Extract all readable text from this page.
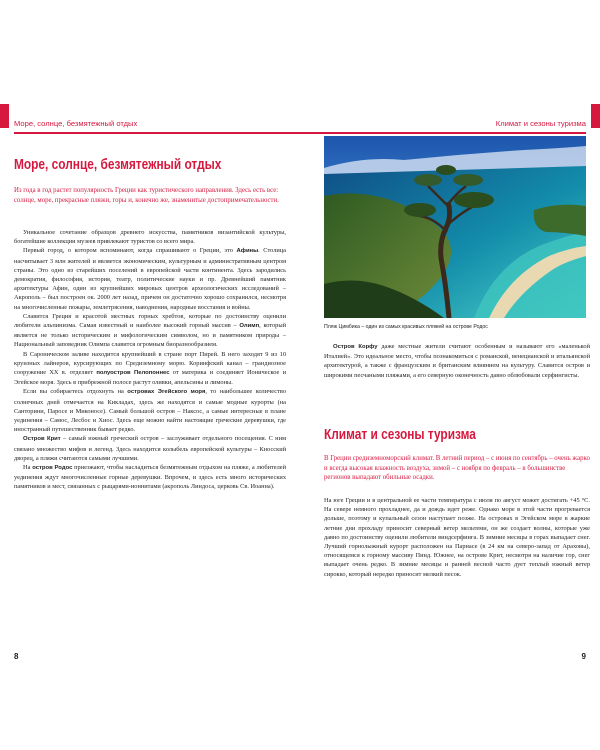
Море, солнце, безмятежный отдых
Море, солнце, безмятежный отдых

Из года в год растет популярность Греции как туристического направления. Здесь есть все: солнце, море, прекрасные пляжи, горы и, конечно же, знаменитые достопримечательности.

Уникальное сочетание образцов древнего искусства, памятников византийской культуры, богатейшие коллекции музеев привлекают туристов со всего мира.

Первый город, о котором вспоминают, когда спрашивают о Греции, это Афины. Столица насчитывает 3 млн жителей и является экономическим, культурным и административным центром страны. Это одно из старейших поселений в европейской части континента. Здесь зародились демократия, философия, история, театр, политические науки и пр. Древнейший памятник архитектуры Афин, один из крупнейших мировых центров археологических исследований – Акрополь – был построен ок. 2000 лет назад, причем он достаточно хорошо сохранился, несмотря на многочисленные пожары, землетрясения, наводнения, народные восстания и войны.

Славится Греция и красотой местных горных хребтов, которые по достоинству оценили любители альпинизма. Самая известный и наиболее высокий горный массив – Олимп, который является не только историческим и мифологическим символом, но и памятником природы – Национальный заповедник Олимпа славится огромным биоразнообразием.

В Сароническом заливе находится крупнейший в стране порт Пирей. В него заходят 9 из 10 круизных лайнеров, курсирующих по Средиземному морю. Коринфский канал – грандиозное сооружение XX в. отделяет полуостров Пелопоннес от материка и соединяет Ионическое и Эгейское моря. Здесь в прибрежной полосе растут оливки, апельсины и лимоны.

Если вы собираетесь отдохнуть на островах Эгейского моря, то наибольшее количество солнечных дней отмечается на Кикладах, здесь же находятся и самые модные курорты (на Санторини, Паросе и Миконосе). Самый большой остров – Наксос, а самые интересные в плане уединения – Самос, Лесбос и Хиос. Здесь еще можно найти настоящие греческие деревушки, где иностранный путешественник бывает редко.

Остров Крит – самый южный греческий остров – заслуживает отдельного посещения. С ним связано множество мифов и легенд. Здесь находится колыбель европейской культуры – Кносский дворец, а пляжи считаются самыми лучшими.

На остров Родос приезжают, чтобы насладиться безмятежным отдыхом на пляже, а любителей уединения ждут многочисленные горные деревушки. Впрочем, и здесь есть много исторических памятников и мест, связанных с рыцарями-ионнитами (акрополь Линдоса, церковь Св. Иоанна).

8
Климат и сезоны туризма

Пляж Цимбика – один из самых красивых пляжей на острове Родос

Остров Корфу даже местные жители считают особенным и называют его «маленькой Италией». Это идеальное место, чтобы познакомиться с романской, венецианской и итальянской архитектурой, а также с французским и британским влиянием на культуру. Славится остров и широкими песчаными пляжами, а его северную оконечность давно облюбовали серфингисты.

Климат и сезоны туризма

В Греции средиземноморский климат. В летний период – с июня по сентябрь – очень жарко и всегда высокая влажность воздуха, зимой – с ноября по февраль – в большинстве регионов выпадают обильные осадки.

На юге Греции и в центральной ее части температура с июля по август может достигать +45 °C. На севере немного прохладнее, да и дождь идет реже. Однако море в этой части прогревается дольше, поэтому и купальный сезон наступает позже. На островах в Эгейском море в жаркие летние дни прохладу приносит северный ветер мельтеми, он же создает волны, которые уже давно по достоинству оценили любители виндсерфинга. В зимние месяцы в горах выпадает снег. Лучший горнолыжный курорт расположен на Парнасе (в 24 км на северо-запад от Араховы), относящемся к горному массиву Пинд. Южнее, на острове Крит, несмотря на наличие гор, снег выпадает очень редко. В зимние месяцы и ранней весной часто дует теплый южный ветер сирокко, который нередко приносит мелкий песок.

9
